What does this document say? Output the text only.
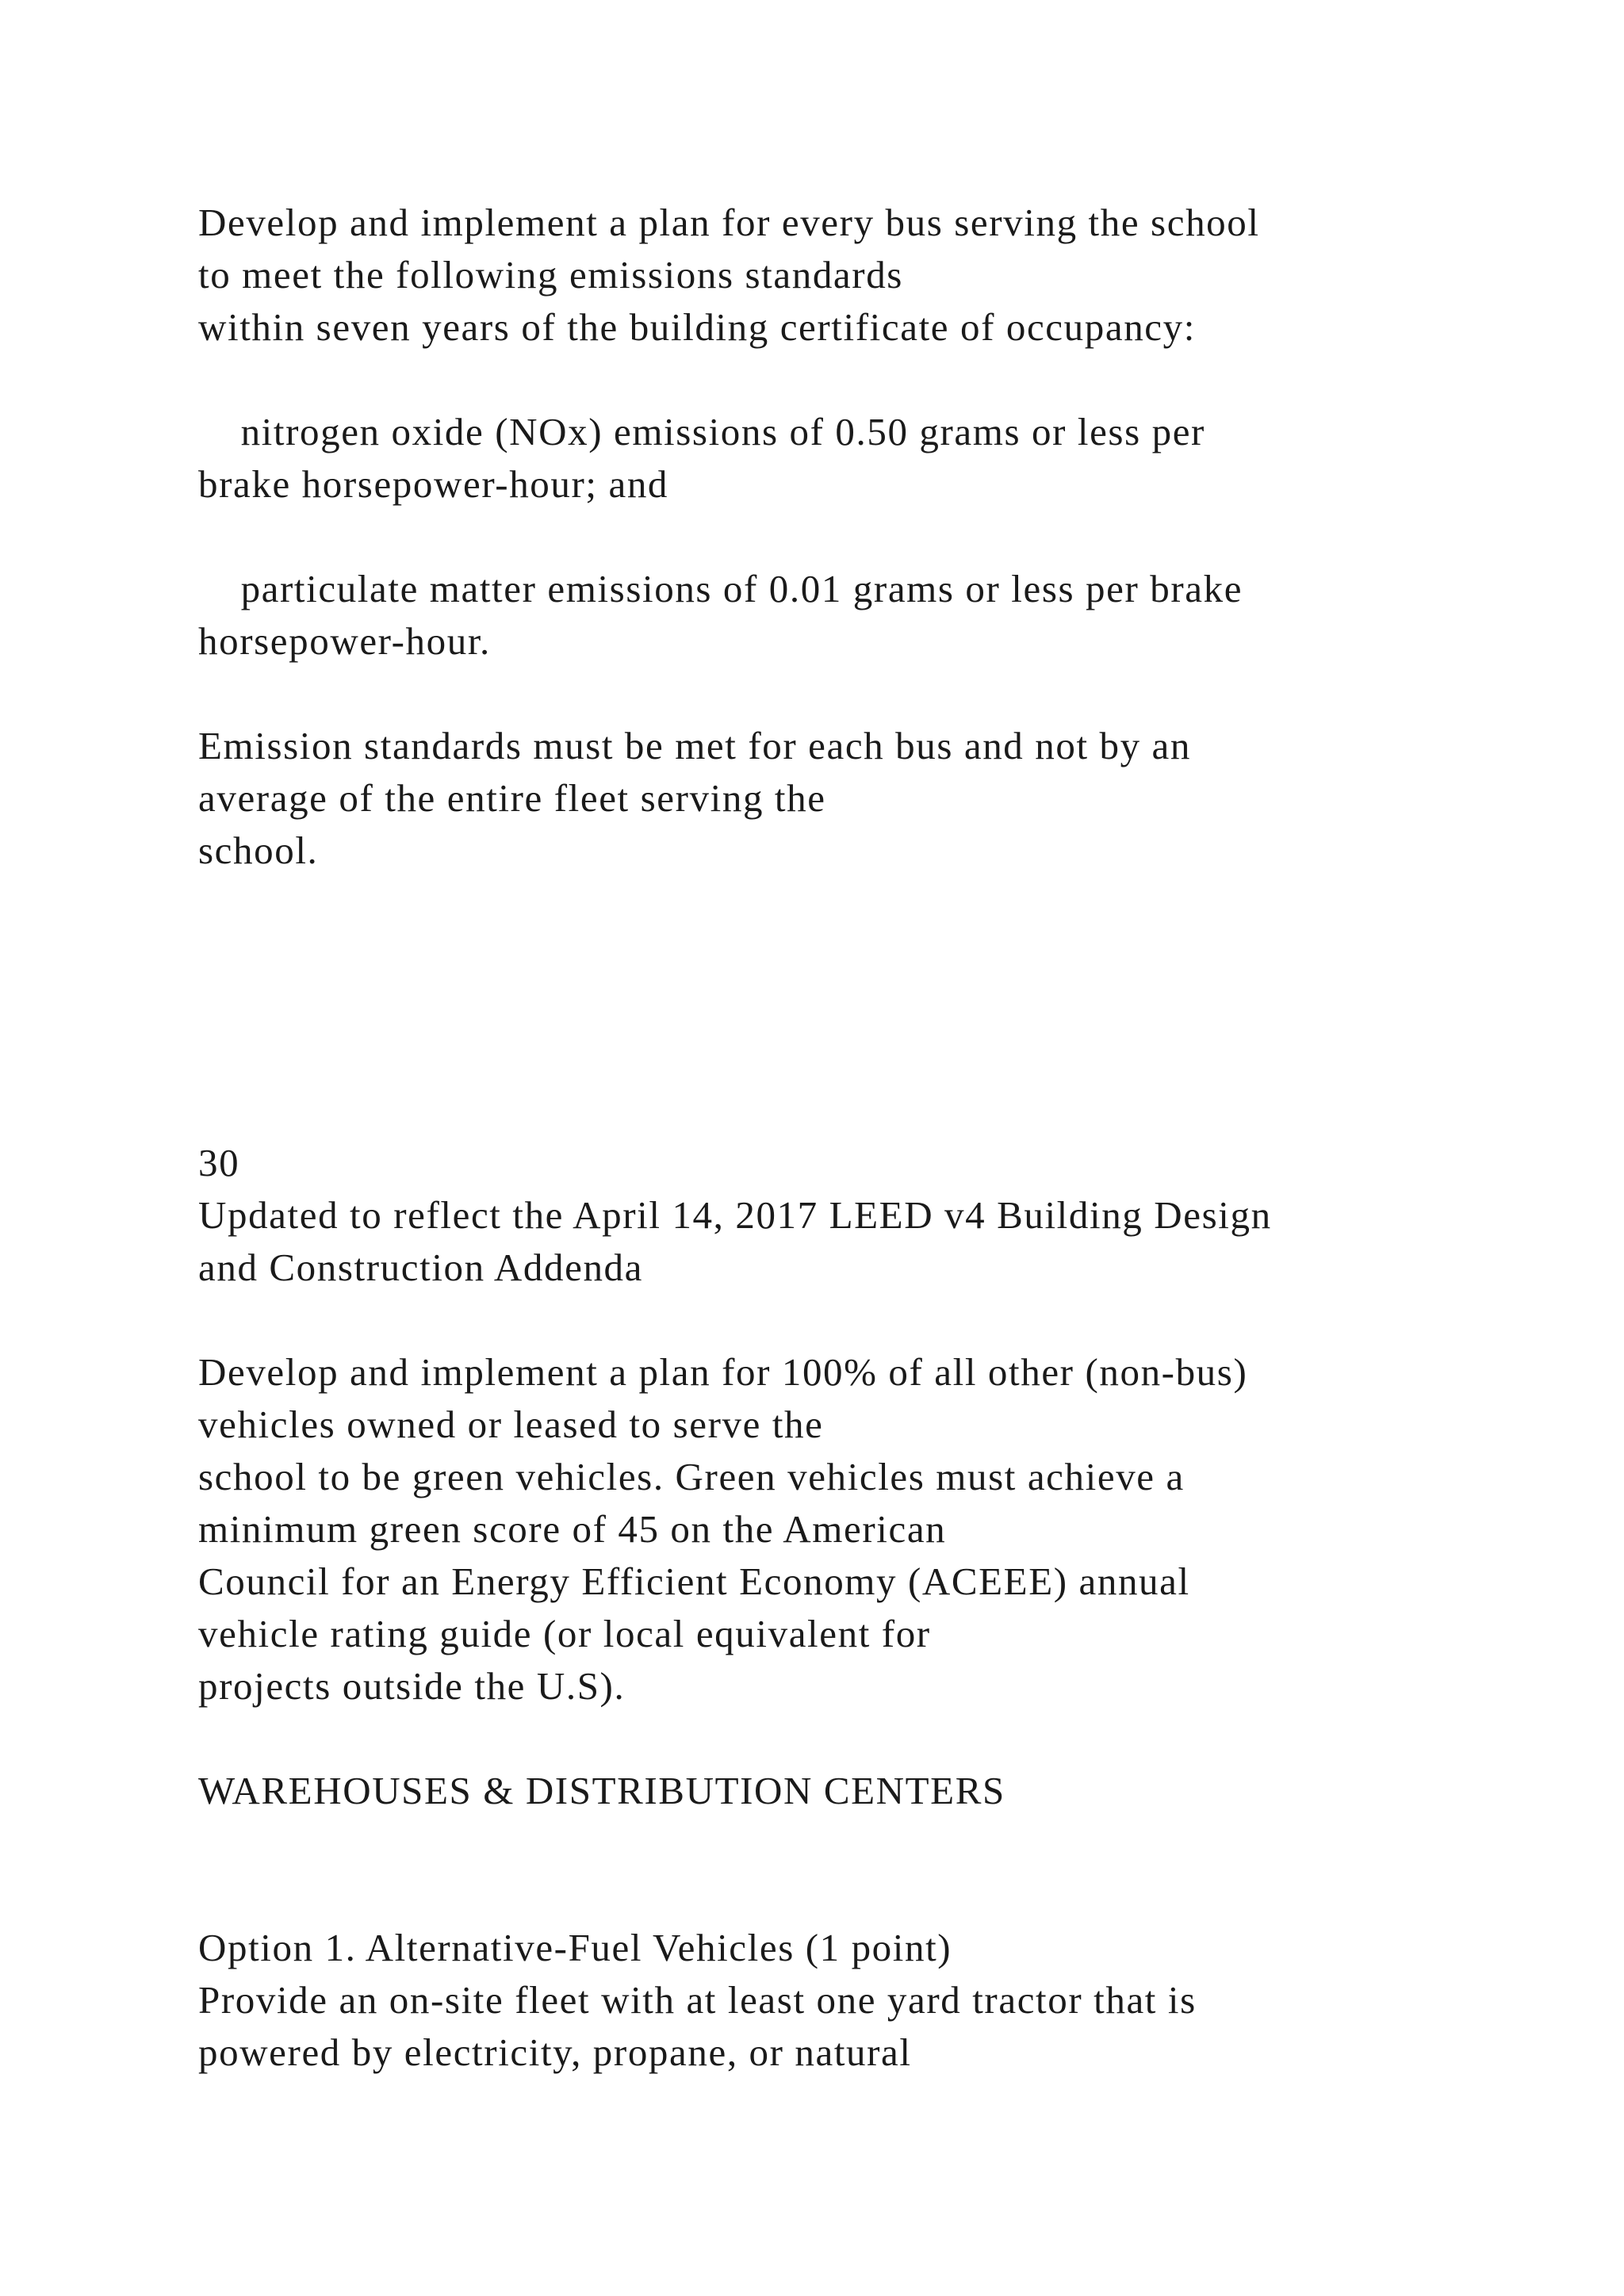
Develop and implement a plan for every bus serving the school

to meet the following emissions standards

within seven years of the building certificate of occupancy:

nitrogen oxide (NOx) emissions of 0.50 grams or less per

brake horsepower-hour; and

particulate matter emissions of 0.01 grams or less per brake

horsepower-hour.

Emission standards must be met for each bus and not by an

average of the entire fleet serving the

school.

30

Updated to reflect the April 14, 2017 LEED v4 Building Design

and Construction Addenda

Develop and implement a plan for 100% of all other (non-bus)

vehicles owned or leased to serve the

school to be green vehicles. Green vehicles must achieve a

minimum green score of 45 on the American

Council for an Energy Efficient Economy (ACEEE) annual

vehicle rating guide (or local equivalent for

projects outside the U.S).

WAREHOUSES & DISTRIBUTION CENTERS

Option 1. Alternative-Fuel Vehicles (1 point)

Provide an on-site fleet with at least one yard tractor that is

powered by electricity, propane, or natural
